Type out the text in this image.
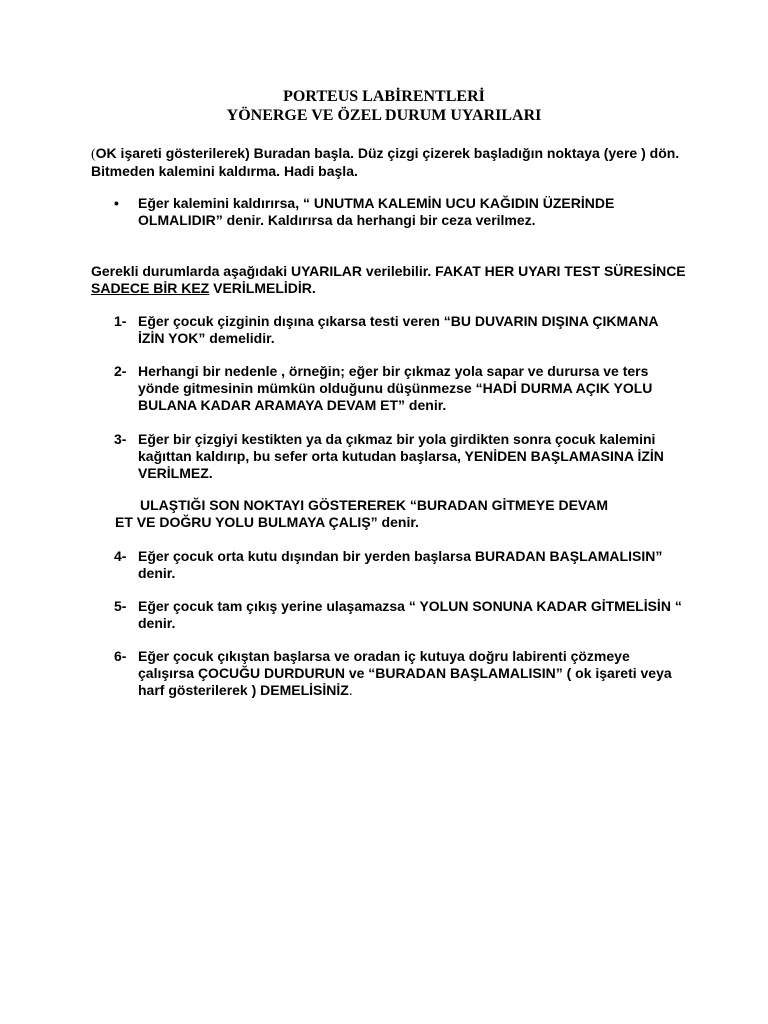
PORTEUS LABİRENTLERİ
YÖNERGE VE ÖZEL DURUM UYARILARI
(OK işareti gösterilerek) Buradan başla. Düz çizgi çizerek başladığın noktaya (yere ) dön. Bitmeden kalemini kaldırma. Hadi başla.
•	Eğer kalemini kaldırırsa, “ UNUTMA KALEMİN UCU KAĞIDIN ÜZERİNDE OLMALIDIR” denir. Kaldırırsa da herhangi bir ceza verilmez.
Gerekli durumlarda aşağıdaki UYARILAR verilebilir. FAKAT HER UYARI TEST SÜRESİNCE SADECE BİR KEZ VERİLMELİDİR.
1- Eğer çocuk çizginin dışına çıkarsa testi veren “BU DUVARIN DIŞINA ÇIKMANA İZİN YOK” demelidir.
2- Herhangi bir nedenle , örneğin; eğer bir çıkmaz yola sapar ve durursa ve ters yönde gitmesinin mümkün olduğunu düşünmezse “HADİ DURMA AÇIK YOLU BULANA KADAR ARAMAYA DEVAM ET” denir.
3- Eğer bir çizgiyi kestikten ya da çıkmaz bir yola girdikten sonra çocuk kalemini kağıttan kaldırıp, bu sefer orta kutudan başlarsa, YENİDEN BAŞLAMASINA İZİN VERİLMEZ.
ULAŞTIĞI SON NOKTAYI GÖSTEREREK “BURADAN GİTMEYE DEVAM
ET VE DOĞRU YOLU BULMAYA ÇALIŞ” denir.
4- Eğer çocuk orta kutu dışından bir yerden başlarsa BURADAN BAŞLAMALISIN” denir.
5- Eğer çocuk tam çıkış yerine ulaşamazsa “ YOLUN SONUNA KADAR GİTMELİSİN “ denir.
6- Eğer çocuk çıkıştan başlarsa ve oradan iç kutuya doğru labirenti çözmeye çalışırsa ÇOCUĞU DURDURUN ve “BURADAN BAŞLAMALISIN” ( ok işareti veya harf gösterilerek ) DEMELİSİNİZ.
